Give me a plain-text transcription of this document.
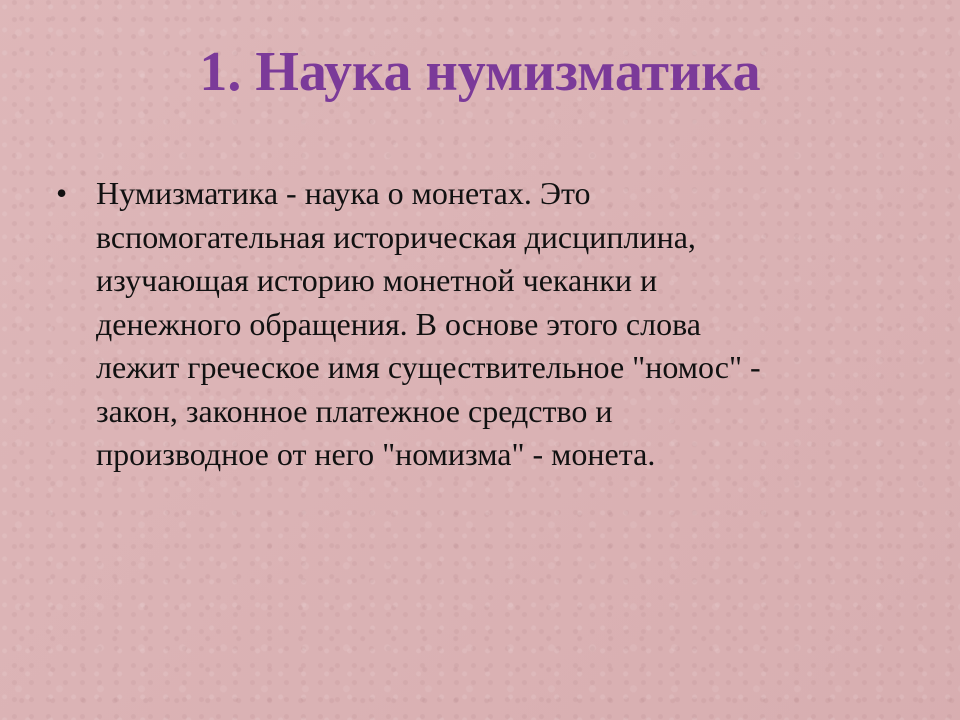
1. Наука нумизматика
• Нумизматика - наука о монетах. Это
вспомогательная историческая дисциплина,
изучающая историю монетной чеканки и
денежного обращения. В основе этого слова
лежит греческое имя существительное "номос" -
закон, законное платежное средство и
производное от него "номизма" - монета.
